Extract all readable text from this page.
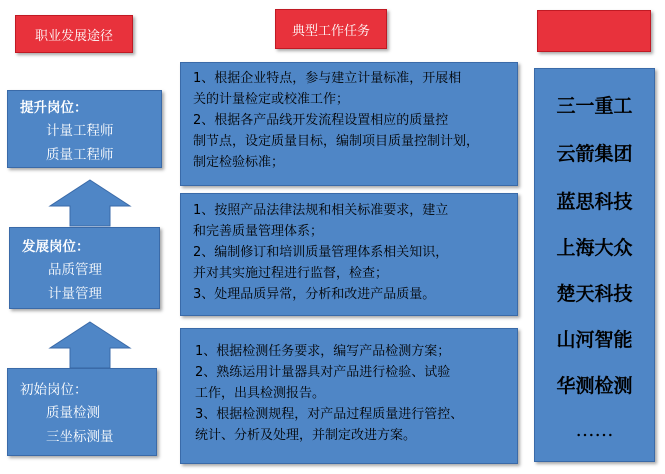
职业发展途径	典型工作任务
提升岗位：
计量工程师
质量工程师
发展岗位：
品质管理
计量管理
初始岗位：
质量检测
三坐标测量

1、根据企业特点，参与建立计量标准，开展相

关的计量检定或校准工作；

2、根据各产品线开发流程设置相应的质量控

制节点，设定质量目标，编制项目质量控制计划，

制定检验标准；

1、按照产品法律法规和相关标准要求，建立

和完善质量管理体系；

2、编制修订和培训质量管理体系相关知识，

并对其实施过程进行监督，检查；

3、处理品质异常，分析和改进产品质量。

1、根据检测任务要求，编写产品检测方案；

2、熟练运用计量器具对产品进行检验、试验

工作，出具检测报告。

3、根据检测规程，对产品过程质量进行管控、

统计、分析及处理，并制定改进方案。

三一重工
云箭集团
蓝思科技
上海大众
楚天科技
山河智能
华测检测
……
